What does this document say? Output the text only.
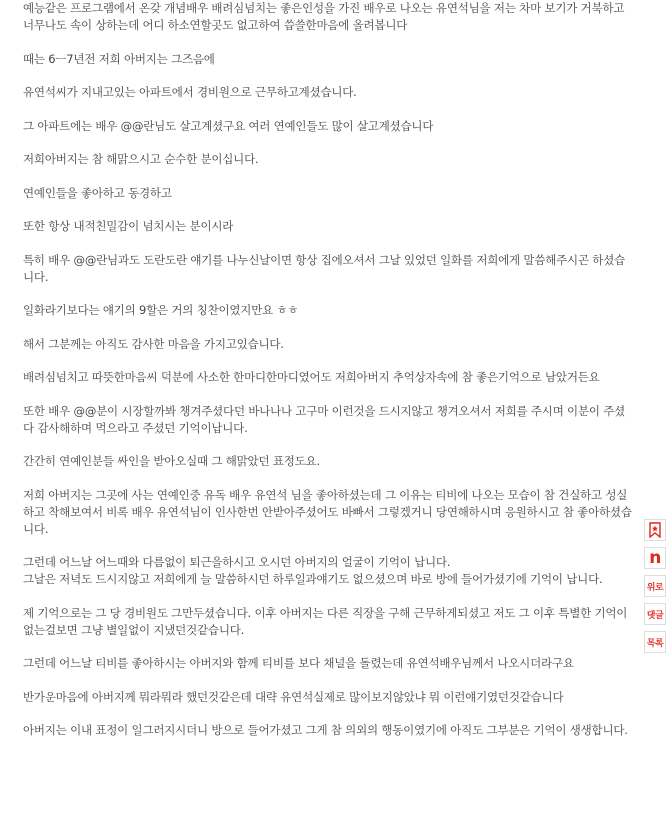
예능같은 프로그램에서 온갖 개념배우 배려심넘치는 좋은인성을 가진 배우로 나오는 유연석님을 저는 차마 보기가 거북하고 너무나도 속이 상하는데 어디 하소연할곳도 없고하여 씁쓸한마음에 올려봅니다

때는 6ㅡ7년전 저희 아버지는 그즈음에

유연석씨가 지내고있는 아파트에서 경비원으로 근무하고계셨습니다.

그 아파트에는 배우 @@란님도 살고계셨구요 여러 연예인들도 많이 살고계셨습니다

저희아버지는 참 해맑으시고 순수한 분이십니다.

연예인들을 좋아하고 동경하고

또한 항상 내적친밀감이 넘치시는 분이시라

특히 배우 @@란님과도 도란도란 얘기를 나누신날이면 항상 집에오셔서 그날 있었던 일화를 저희에게 말씀해주시곤 하셨습니다.

일화라기보다는 얘기의 9할은 거의 칭찬이였지만요 ㅎㅎ

해서 그분께는 아직도 감사한 마음을 가지고있습니다.

배려심넘치고 따뜻한마음씨 덕분에 사소한 한마디한마디였어도 저희아버지 추억상자속에 참 좋은기억으로 남았거든요

또한 배우 @@분이 시장할까봐 챙겨주셨다던 바나나나 고구마 이런것을 드시지않고 챙겨오셔서 저희를 주시며 이분이 주셨다 감사해하며 먹으라고 주셨던 기억이납니다.

간간히 연예인분들 싸인을 받아오실때 그 해맑았던 표정도요.

저희 아버지는 그곳에 사는 연예인중 유독 배우 유연석 님을 좋아하셨는데 그 이유는 티비에 나오는 모습이 참 건실하고 성실하고 착해보여서 비록 배우 유연석님이 인사한번 안받아주셨어도 바빠서 그렇겠거니 당연해하시며 응원하시고 참 좋아하셨습니다.

그런데 어느날 어느때와 다름없이 퇴근을하시고 오시던 아버지의 얼굴이 기억이 납니다.
그날은 저녁도 드시지않고 저희에게 늘 말씀하시던 하루일과얘기도 없으셨으며 바로 방에 들어가셨기에 기억이 납니다.

제 기억으로는 그 당 경비원도 그만두셨습니다. 이후 아버지는 다른 직장을 구해 근무하게되셨고 저도 그 이후 특별한 기억이 없는걸보면 그냥 별일없이 지냈던것같습니다.

그런데 어느날 티비를 좋아하시는 아버지와 함께 티비를 보다 채널을 돌렸는데 유연석배우님께서 나오시더라구요

반가운마음에 아버지께 뭐라뭐라 했던것같은데 대략 유연석실제로 많이보지않았냐 뭐 이런얘기였던것같습니다

아버지는 이내 표정이 일그러지시더니 방으로 들어가셨고 그게 참 의외의 행동이였기에 아직도 그부분은 기억이 생생합니다.

n
위로
댓글
목록
